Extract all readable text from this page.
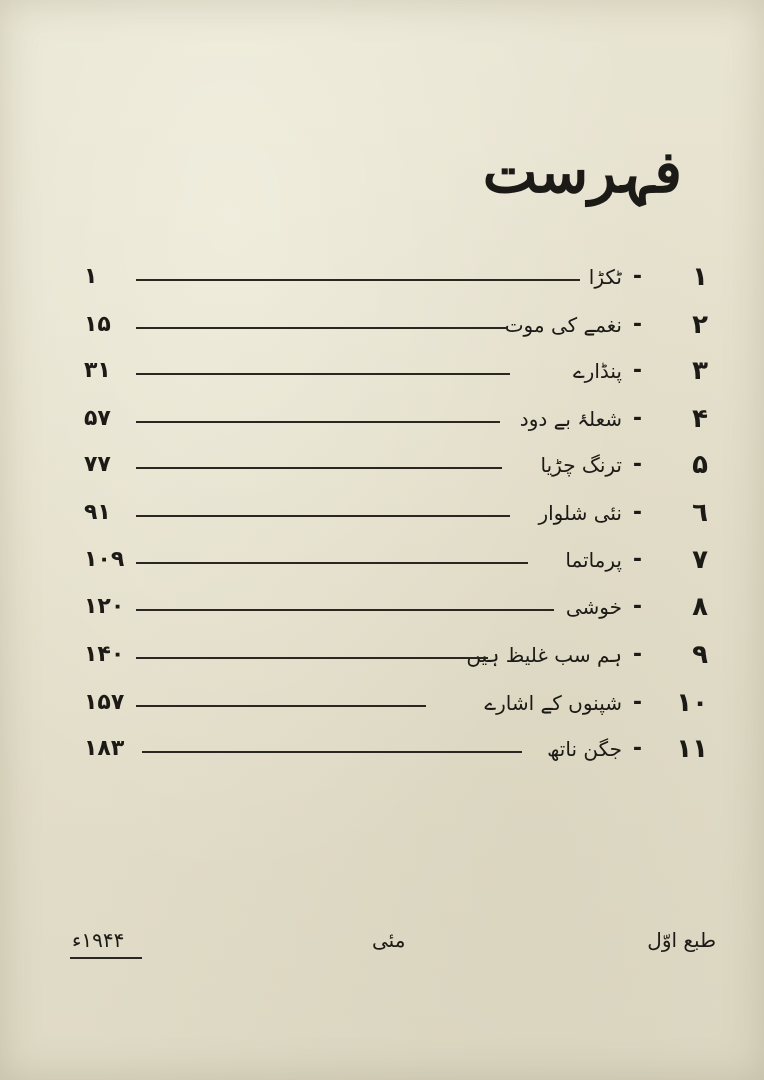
فہرست
١
-
ٹکڑا
١
٢
-
نغمے کی موت
١۵
٣
-
پنڈارے
٣١
۴
-
شعلۂ بے دود
۵٧
۵
-
ترنگ چڑیا
٧٧
٦
-
نئی شلوار
٩١
٧
-
پرماتما
١٠٩
٨
-
خوشی
١٢٠
٩
-
ہم سب غلیظ ہیں
١۴٠
١٠
-
شپنوں کے اشارے
١۵٧
١١
-
جگن ناتھ
١٨٣
طبع اوّل
مئی
۱۹۴۴ء
